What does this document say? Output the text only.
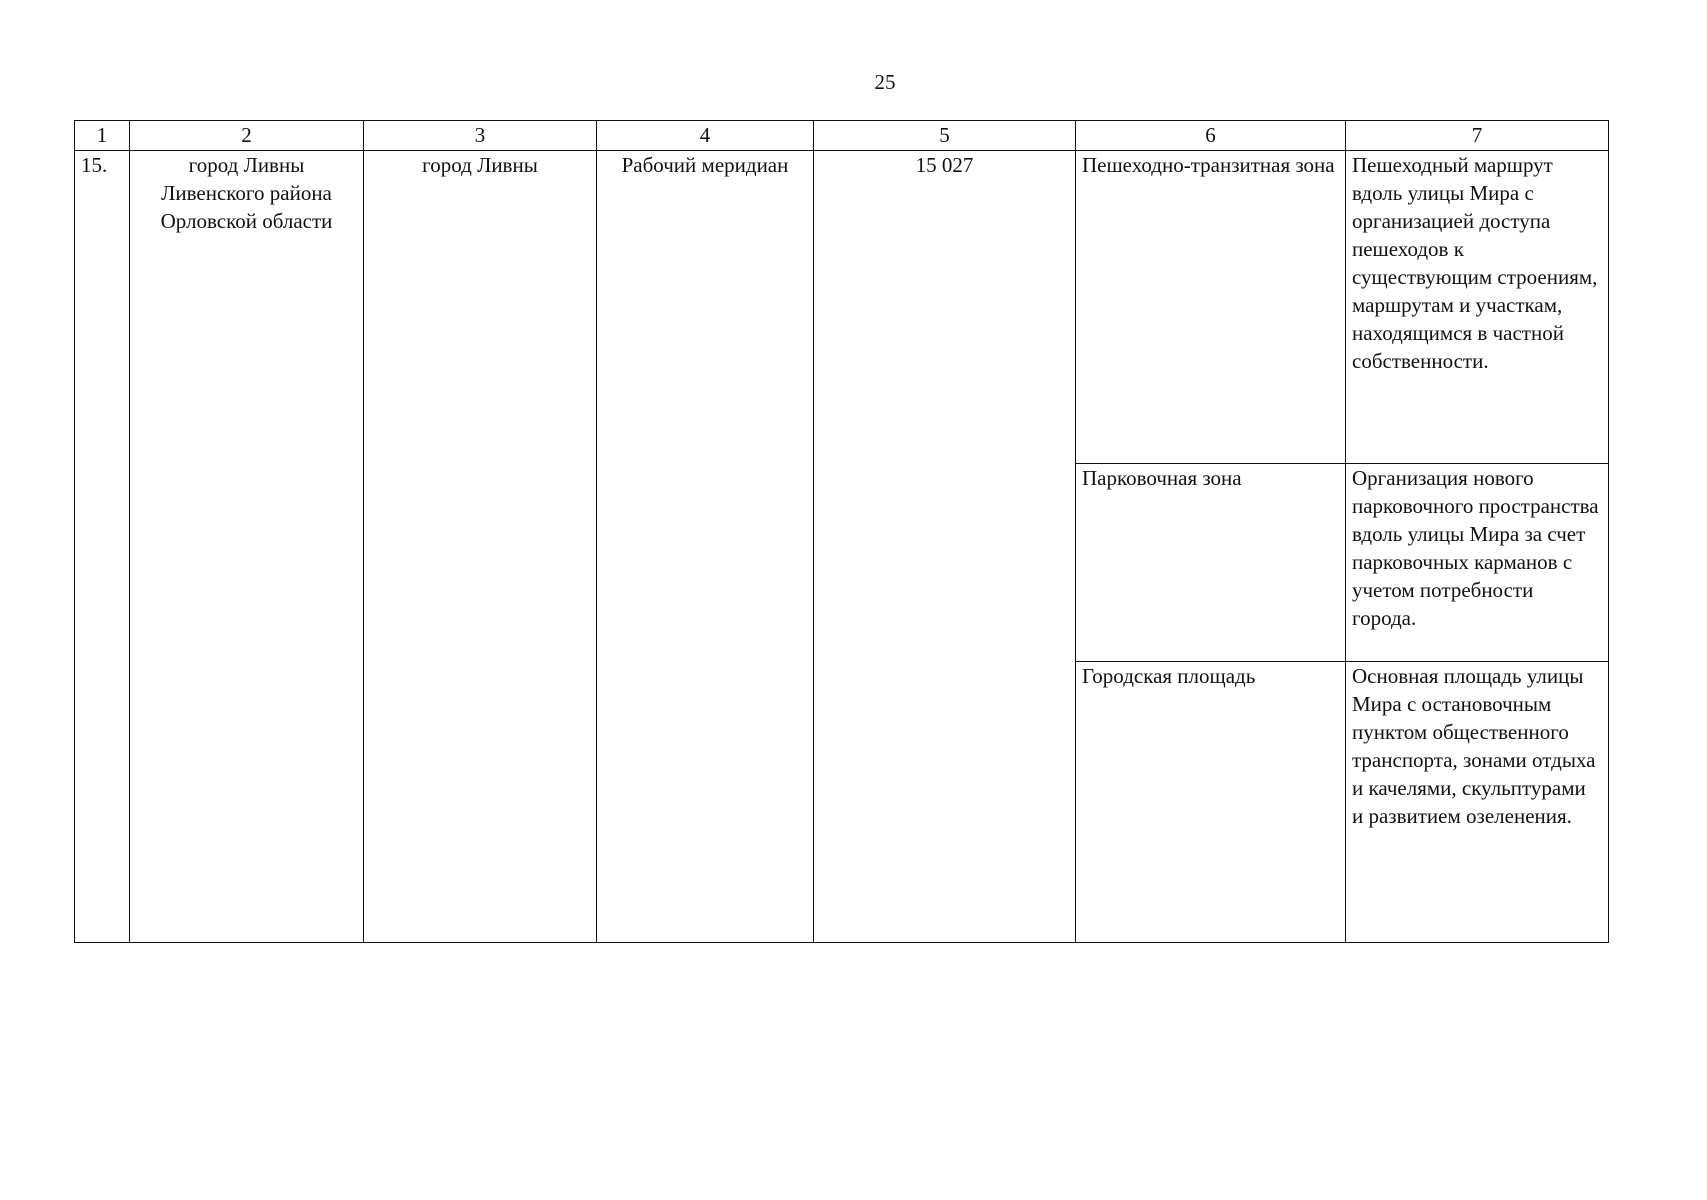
25
1	2	3	4	5	6	7
15.	город Ливны Ливенского района Орловской области	город Ливны	Рабочий меридиан	15 027	Пешеходно-транзитная зона	Пешеходный маршрут вдоль улицы Мира с организацией доступа пешеходов к существующим строениям, маршрутам и участкам, находящимся в частной собственности.
					Парковочная зона	Организация нового парковочного пространства вдоль улицы Мира за счет парковочных карманов с учетом потребности города.
					Городская площадь	Основная площадь улицы Мира с остановочным пунктом общественного транспорта, зонами отдыха и качелями, скульптурами и развитием озеленения.
